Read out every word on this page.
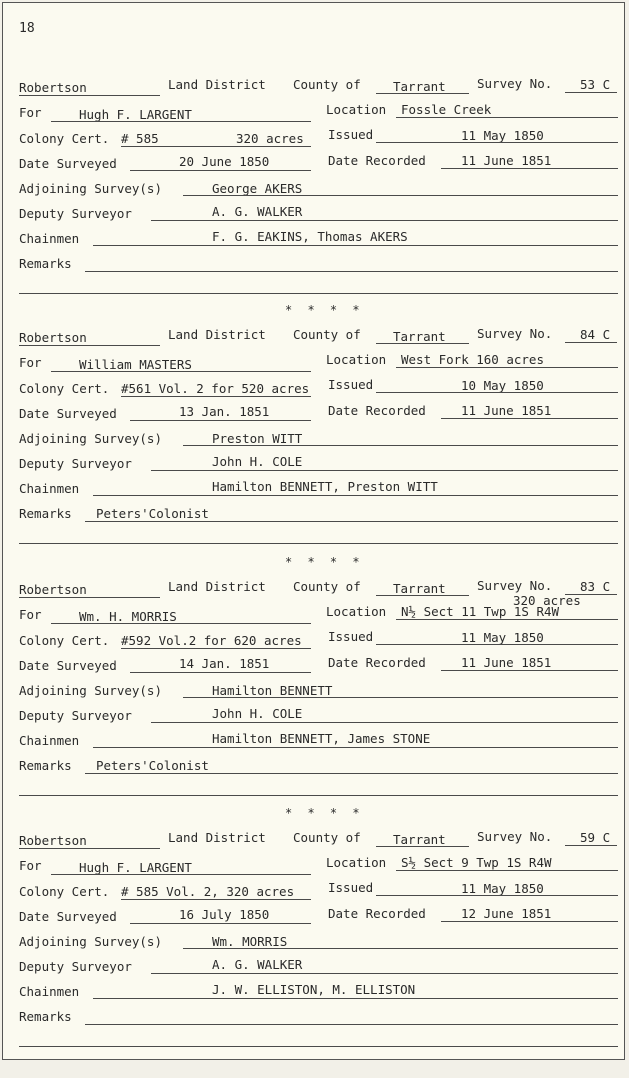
18
Robertson	Land District County of	Tarrant	Survey No. 53 C
For	Hugh F. LARGENT	Location Fossle Creek
Colony Cert. # 585	320 acres Issued	11 May 1850
Date Surveyed	20 June 1850	Date Recorded	11 June 1851
Adjoining Survey(s)	George AKERS
Deputy Surveyor	A. G. WALKER
Chainmen	F. G. EAKINS, Thomas AKERS
Remarks
Robertson	Land District County of	Tarrant	Survey No. 84 C
For	William MASTERS	Location West Fork 160 acres
Colony Cert. #561 Vol. 2 for 520 acres Issued	10 May 1850
Date Surveyed	13 Jan. 1851	Date Recorded	11 June 1851
Adjoining Survey(s)	Preston WITT
Deputy Surveyor	John H. COLE
Chainmen	Hamilton BENNETT, Preston WITT
Remarks Peters'Colonist
Robertson	Land District County of	Tarrant	Survey No. 83 C
320 acres
For	Wm. H. MORRIS	Location N½ Sect 11 Twp 1S R4W
Colony Cert. #592 Vol.2 for 620 acres Issued	11 May 1850
Date Surveyed	14 Jan. 1851	Date Recorded	11 June 1851
Adjoining Survey(s)	Hamilton BENNETT
Deputy Surveyor	John H. COLE
Chainmen	Hamilton BENNETT, James STONE
Remarks Peters'Colonist
Robertson	Land District County of	Tarrant	Survey No. 59 C
For	Hugh F. LARGENT	Location S½ Sect 9 Twp 1S R4W
Colony Cert. # 585 Vol. 2, 320 acres	Issued	11 May 1850
Date Surveyed	16 July 1850	Date Recorded	12 June 1851
Adjoining Survey(s)	Wm. MORRIS
Deputy Surveyor	A. G. WALKER
Chainmen	J. W. ELLISTON, M. ELLISTON
Remarks
* * * *
* * * *
* * * *
